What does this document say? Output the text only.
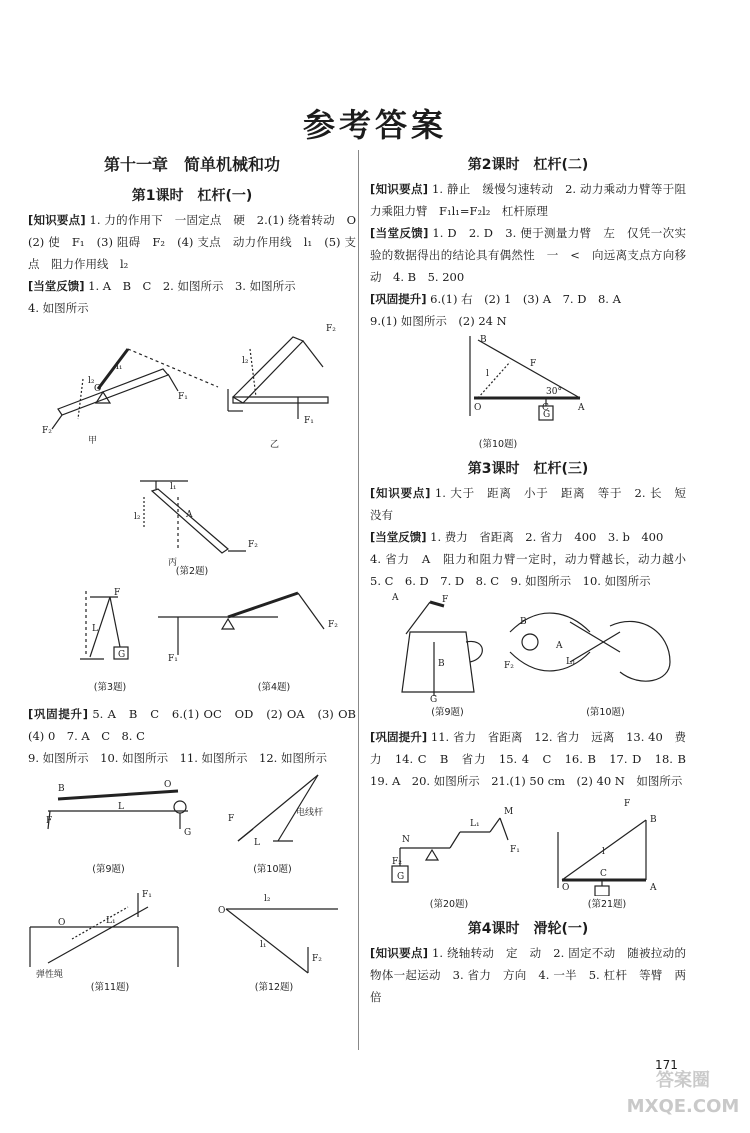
参考答案
第十一章　简单机械和功
第1课时　杠杆(一)
[知识要点] 1. 力的作用下　一固定点　硬　2.(1) 绕着转动　O　(2) 使　F₁　(3) 阻碍　F₂　(4) 支点　动力作用线　l₁　(5) 支点　阻力作用线　l₂
[当堂反馈] 1. A　B　C　2. 如图所示　3. 如图所示
4. 如图所示
F₁
F₂
l₂
l₁
O
甲
F₂
F₁
l₂
乙
l₁
l₂	A
F₂
丙
(第2题)
F
L
G
F₂
F₁
(第3题)	(第4题)
[巩固提升] 5. A　B　C　6.(1) OC　OD　(2) OA　(3) OB　(4) 0　7. A　C　8. C
9. 如图所示　10. 如图所示　11. 如图所示　12. 如图所示
B
L
O
G
F
电线杆
F
L
(第9题)	(第10题)
F₁
O	L₁
弹性绳
l₂
O
F₂
l₁
(第11题)	(第12题)
第2课时　杠杆(二)
[知识要点] 1. 静止　缓慢匀速转动　2. 动力乘动力臂等于阻力乘阻力臂　F₁l₁=F₂l₂　杠杆原理
[当堂反馈] 1. D　2. D　3. 便于测量力臂　左　仅凭一次实验的数据得出的结论具有偶然性　一　<　向远离支点方向移动　4. B　5. 200
[巩固提升] 6.(1) 右　(2) 1　(3) A　7. D　8. A
9.(1) 如图所示　(2) 24 N
B
F
l
30°
O	C	A
G
(第10题)
第3课时　杠杆(三)
[知识要点] 1. 大于　距离　小于　距离　等于　2. 长　短　没有
[当堂反馈] 1. 费力　省距离　2. 省力　400　3. b　400
4. 省力　A　阻力和阻力臂一定时，动力臂越长，动力越小　5. C　6. D　7. D　8. C　9. 如图所示　10. 如图所示
A	F
B
G
B
A
F₂	L₁
(第9题)	(第10题)
[巩固提升] 11. 省力　省距离　12. 省力　远离　13. 40　费力　14. C　B　省力　15. 4　C　16. B　17. D　18. B　19. A　20. 如图所示　21.(1) 50 cm　(2) 40 N　如图所示
N
F₂
G
L₁
M
F₁
F
B
l
C
O	A
(第20题)	(第21题)
第4课时　滑轮(一)
[知识要点] 1. 绕轴转动　定　动　2. 固定不动　随被拉动的物体一起运动　3. 省力　方向　4. 一半　5. 杠杆　等臂　两倍
171
答案圈 MXQE.COM
